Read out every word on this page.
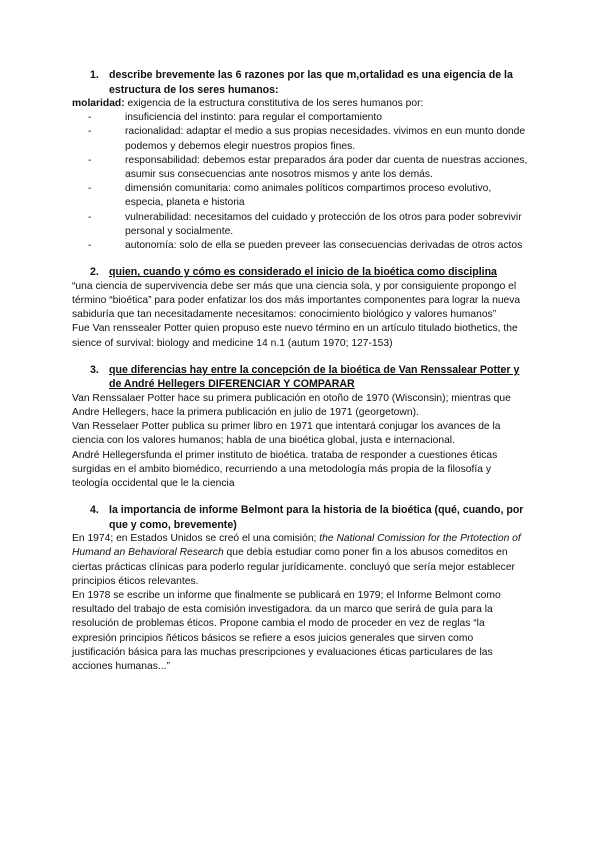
1. describe brevemente las 6 razones por las que m,ortalidad es una eigencia de la estructura de los seres humanos:

molaridad: exigencia de la estructura constitutiva de los seres humanos por:

-	insuficiencia del instinto: para regular el comportamiento
-	racionalidad: adaptar el medio a sus propias necesidades. vivimos en eun munto donde podemos y debemos elegir nuestros propios fines.
-	responsabilidad: debemos estar preparados ára poder dar cuenta de nuestras acciones, asumir sus consecuencias ante nosotros mismos y ante los demás.
-	dimensión comunitaria: como animales políticos compartimos proceso evolutivo, especia, planeta e historia
-	vulnerabilidad: necesitamos del cuidado y protección de los otros para poder sobrevivir personal y socialmente.
-	autonomía: solo de ella se pueden preveer las consecuencias derivadas de otros actos
2. quien, cuando y cómo es considerado el inicio de la bioética como disciplina

“una ciencia de supervivencia debe ser más que una ciencia sola, y por consiguiente propongo el término “bioética” para poder enfatizar los dos más importantes componentes para lograr la nueva sabiduría que tan necesitadamente necesitamos: conocimiento biológico y valores humanos”

Fue Van renssealer Potter quien propuso este nuevo término en un artículo titulado biothetics, the sience of survival: biology and medicine 14 n.1 (autum 1970; 127-153)

3. que diferencias hay entre la concepción de la bioética de Van Renssalear Potter y de André Hellegers DIFERENCIAR Y COMPARAR

Van Renssalaer Potter hace su primera publicación en otoño de 1970 (Wisconsin); mientras que Andre Hellegers, hace la primera publicación en julio de 1971 (georgetown).

Van Resselaer Potter publica su primer libro en 1971 que intentará conjugar los avances de la ciencia con los valores humanos; habla de una bioética global, justa e internacional.

André Hellegersfunda el primer instituto de bioética. trataba de responder a cuestiones éticas surgidas en el ambito biomédico, recurriendo a una metodología más propia de la filosofía y teología occidental que le la ciencia

4. la importancia de informe Belmont para la historia de la bioética (qué, cuando, por que y como, brevemente)

En 1974; en Estados Unidos se creó el una comisión; the National Comission for the Prtotection of Humand an Behavioral Research que debía estudiar como poner fin a los abusos comeditos en ciertas prácticas clínicas para poderlo regular jurídicamente. concluyó que sería mejor establecer principios éticos relevantes.

En 1978 se escribe un informe que finalmente se publicará en 1979; el Informe Belmont como resultado del trabajo de esta comisión investigadora. da un marco que serirá de guía para la resolución de problemas éticos. Propone cambia el modo de proceder en vez de reglas “la expresión principios ñéticos básicos se refiere a esos juicios generales que sirven como justificación básica para las muchas prescripciones y evaluaciones éticas particulares de las acciones humanas...”
